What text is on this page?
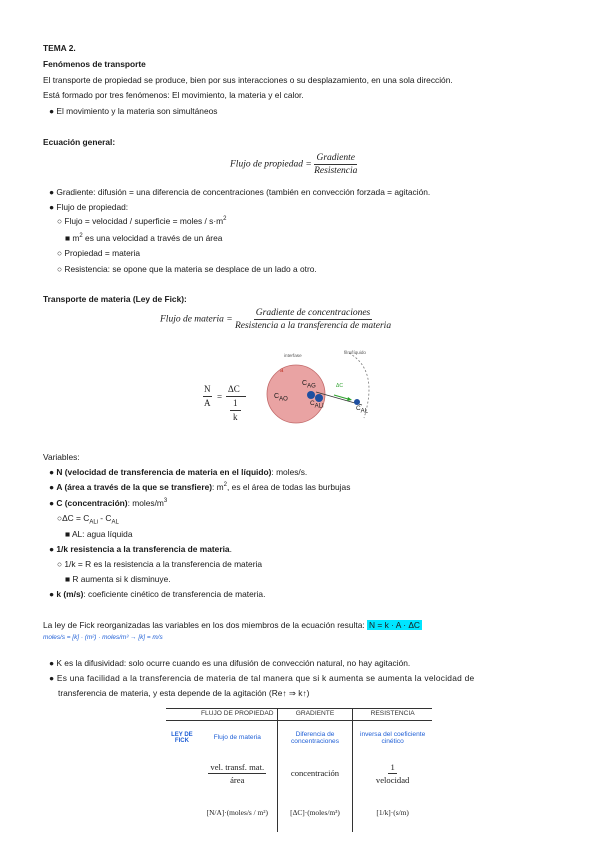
TEMA 2.
Fenómenos de transporte
El transporte de propiedad se produce, bien por sus interacciones o su desplazamiento, en una sola dirección.
Está formado por tres fenómenos: El movimiento, la materia y el calor.
● El movimiento y la materia son simultáneos
Ecuación general:
Flujo de propiedad = $\frac{\text{Gradiente}}{\text{Resistencia}}$
● Gradiente: difusión = una diferencia de concentraciones (también en convección forzada = agitación.
● Flujo de propiedad:
○ Flujo = velocidad / superficie = moles / $s\cdot m^2$
■ $m^2$ es una velocidad a través de un área
○ Propiedad = materia
○ Resistencia: se opone que la materia se desplace de un lado a otro.
Transporte de materia (Ley de Fick):
Flujo de materia = $\frac{\text{Gradiente de concentraciones}}{\text{Resistencia a la transferencia de materia}}$
N
A
=
ΔC
1
k
a
interfase
film/líquido
$C_{AG}$
$C_{AO}$
$C_{ALI}$	$C_{AL}$
ΔC
Variables:
● N (velocidad de transferencia de materia en el líquido): moles/s.
● A (área a través de la que se transfiere): $m^2$, es el área de todas las burbujas
● C (concentración): moles/$m^3$
○ΔC = $C_{ALi} - C_{AL}$
■ AL: agua líquida
● 1/k resistencia a la transferencia de materia.
○ 1/k = R es la resistencia a la transferencia de materia
■ R aumenta si k disminuye.
● k (m/s): coeficiente cinético de transferencia de materia.
La ley de Fick reorganizadas las variables en los dos miembros de la ecuación resulta: N = k · A · ΔC
moles/s = [k] · (m²) · moles/m³ → [k] = m/s
● K es la difusividad: solo ocurre cuando es una difusión de convección natural, no hay agitación.
● Es una facilidad a la transferencia de materia de tal manera que si k aumenta se aumenta la velocidad de
transferencia de materia, y esta depende de la agitación (Re↑ ⇒ k↑)
	FLUJO DE PROPIEDAD	GRADIENTE	RESISTENCIA
LEY DE FICK	Flujo de materia	Diferencia de concentraciones	inversa del coeficiente cinético

	$\frac{\text{vel. transf. mat.}}{\text{área}}$	concentración	$\frac{1}{\text{velocidad}}$

	[N/A]·(moles/s / m²)	[ΔC]·(moles/m³)	[1/k]·(s/m)
